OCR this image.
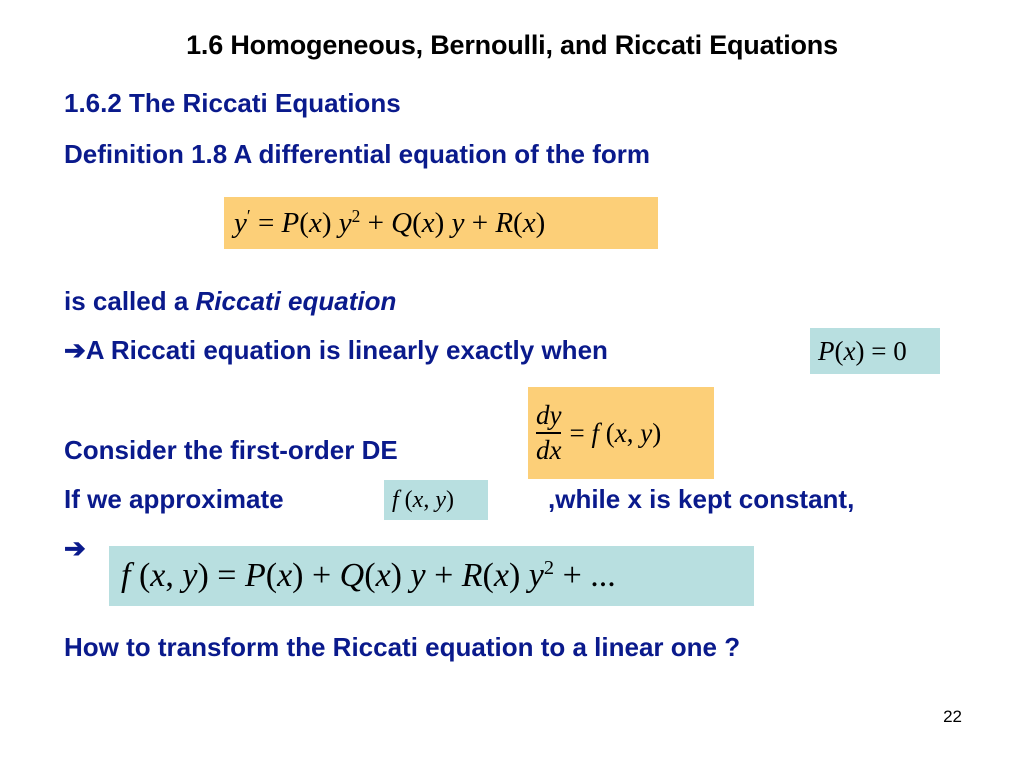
1.6 Homogeneous, Bernoulli, and Riccati Equations
1.6.2 The Riccati Equations
Definition 1.8 A differential equation of the form
y′ = P ( x ) $y^2 + Q$ ( x ) y + R ( x )
is called a Riccati equation
➔A Riccati equation is linearly exactly when	P ( x ) = 0
$\frac{dy}{dx} = f$ ( x , y )
Consider the first-order DE
If we approximate	f ( x , y )	,while x is kept constant,
➔
f ( x , y ) = P ( x ) + Q ( x ) y + R ( x ) $y^2$ + ...
How to transform the Riccati equation to a linear one ?
22
